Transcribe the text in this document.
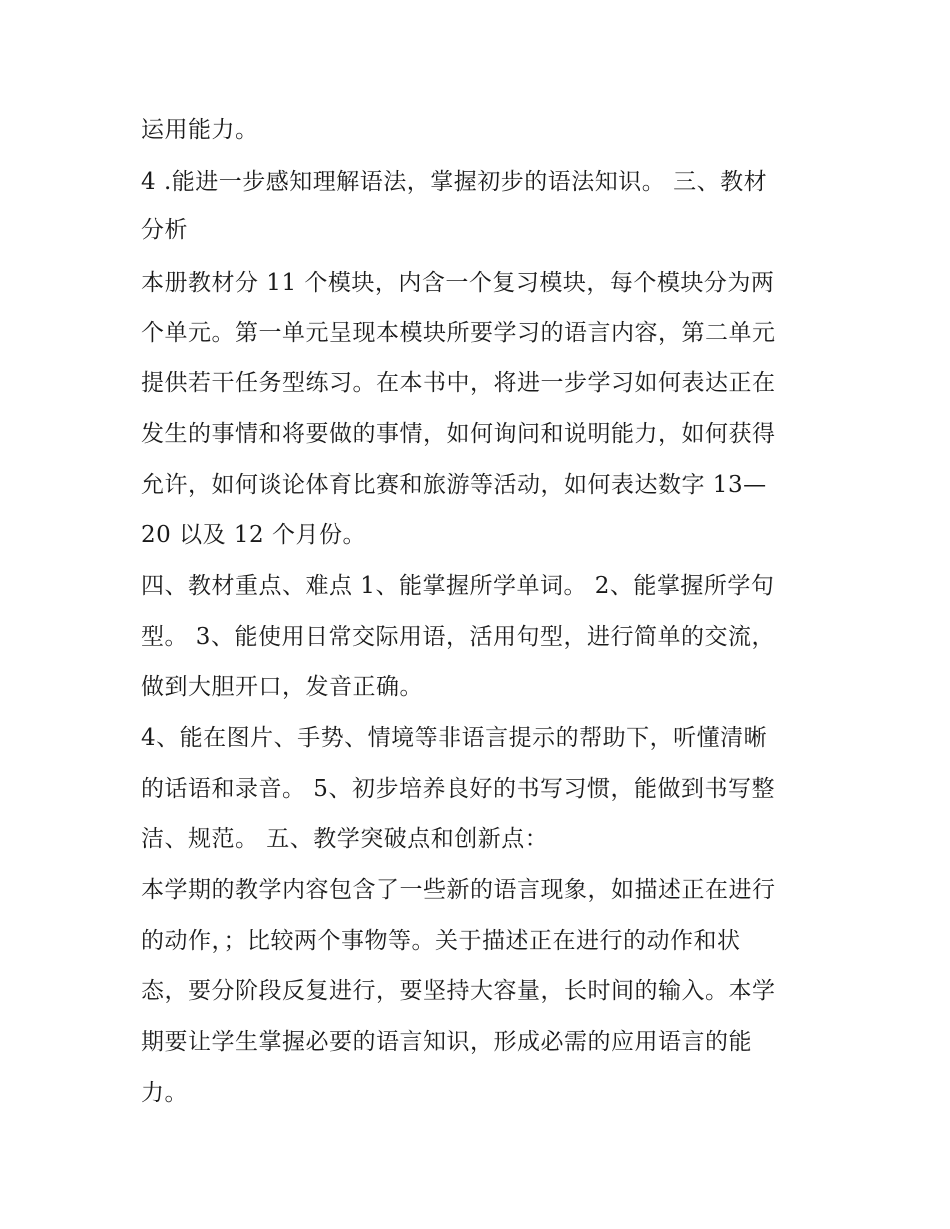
运用能力。
4 .能进一步感知理解语法，掌握初步的语法知识。 三、教材
分析
本册教材分 11 个模块，内含一个复习模块，每个模块分为两
个单元。第一单元呈现本模块所要学习的语言内容，第二单元
提供若干任务型练习。在本书中，将进一步学习如何表达正在
发生的事情和将要做的事情，如何询问和说明能力，如何获得
允许，如何谈论体育比赛和旅游等活动，如何表达数字 13—
20 以及 12 个月份。
四、教材重点、难点 1、能掌握所学单词。 2、能掌握所学句
型。 3、能使用日常交际用语，活用句型，进行简单的交流，
做到大胆开口，发音正确。
4、能在图片、手势、情境等非语言提示的帮助下，听懂清晰
的话语和录音。 5、初步培养良好的书写习惯，能做到书写整
洁、规范。 五、教学突破点和创新点：
本学期的教学内容包含了一些新的语言现象，如描述正在进行
的动作，；比较两个事物等。关于描述正在进行的动作和状
态，要分阶段反复进行，要坚持大容量，长时间的输入。本学
期要让学生掌握必要的语言知识，形成必需的应用语言的能
力。
